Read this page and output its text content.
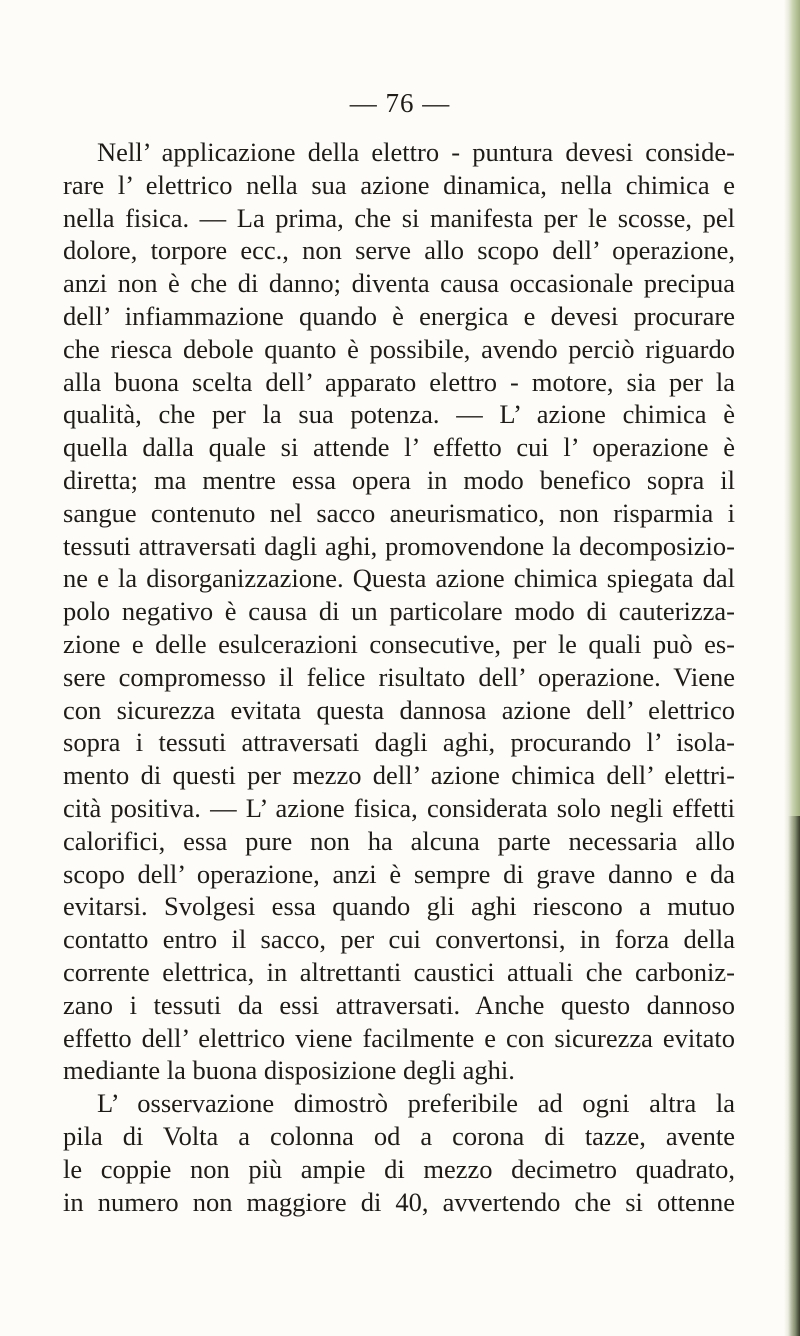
— 76 —
Nell’ applicazione della elettro - puntura devesi conside-
rare l’ elettrico nella sua azione dinamica, nella chimica e
nella fisica. — La prima, che si manifesta per le scosse, pel
dolore, torpore ecc., non serve allo scopo dell’ operazione,
anzi non è che di danno; diventa causa occasionale precipua
dell’ infiammazione quando è energica e devesi procurare
che riesca debole quanto è possibile, avendo perciò riguardo
alla buona scelta dell’ apparato elettro - motore, sia per la
qualità, che per la sua potenza. — L’ azione chimica è
quella dalla quale si attende l’ effetto cui l’ operazione è
diretta; ma mentre essa opera in modo benefico sopra il
sangue contenuto nel sacco aneurismatico, non risparmia i
tessuti attraversati dagli aghi, promovendone la decomposizio-
ne e la disorganizzazione. Questa azione chimica spiegata dal
polo negativo è causa di un particolare modo di cauterizza-
zione e delle esulcerazioni consecutive, per le quali può es-
sere compromesso il felice risultato dell’ operazione. Viene
con sicurezza evitata questa dannosa azione dell’ elettrico
sopra i tessuti attraversati dagli aghi, procurando l’ isola-
mento di questi per mezzo dell’ azione chimica dell’ elettri-
cità positiva. — L’ azione fisica, considerata solo negli effetti
calorifici, essa pure non ha alcuna parte necessaria allo
scopo dell’ operazione, anzi è sempre di grave danno e da
evitarsi. Svolgesi essa quando gli aghi riescono a mutuo
contatto entro il sacco, per cui convertonsi, in forza della
corrente elettrica, in altrettanti caustici attuali che carboniz-
zano i tessuti da essi attraversati. Anche questo dannoso
effetto dell’ elettrico viene facilmente e con sicurezza evitato
mediante la buona disposizione degli aghi.
L’ osservazione dimostrò preferibile ad ogni altra la
pila di Volta a colonna od a corona di tazze, avente
le coppie non più ampie di mezzo decimetro quadrato,
in numero non maggiore di 40, avvertendo che si ottenne
